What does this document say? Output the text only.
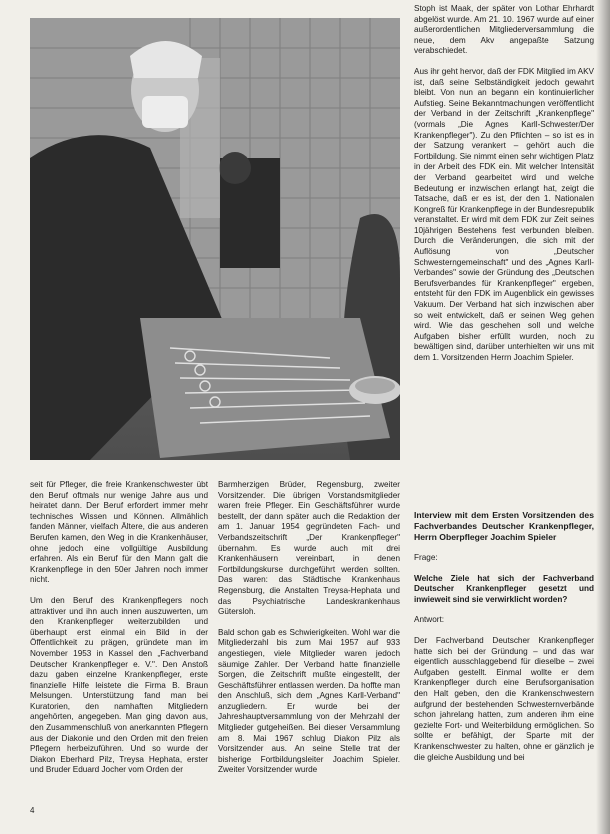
Stoph ist Maak, der später von Lothar Ehrhardt abgelöst wurde. Am 21. 10. 1967 wurde auf einer außerordentlichen Mitgliederversammlung die neue, dem Akv angepaßte Satzung verabschiedet.

Aus ihr geht hervor, daß der FDK Mitglied im AKV ist, daß seine Selbständigkeit jedoch gewahrt bleibt. Von nun an begann ein kontinuierlicher Aufstieg. Seine Bekanntmachungen veröffentlicht der Verband in der Zeitschrift „Krankenpflege" (vormals „Die Agnes Karll-Schwester/Der Krankenpfleger"). Zu den Pflichten – so ist es in der Satzung verankert – gehört auch die Fortbildung. Sie nimmt einen sehr wichtigen Platz in der Arbeit des FDK ein. Mit welcher Intensität der Verband gearbeitet wird und welche Bedeutung er inzwischen erlangt hat, zeigt die Tatsache, daß er es ist, der den 1. Nationalen Kongreß für Krankenpflege in der Bundesrepublik veranstaltet. Er wird mit dem FDK zur Zeit seines 10jährigen Bestehens fest verbunden bleiben. Durch die Veränderungen, die sich mit der Auflösung von „Deutscher Schwesterngemeinschaft" und des „Agnes Karll-Verbandes" sowie der Gründung des „Deutschen Berufsverbandes für Krankenpfleger" ergeben, entsteht für den FDK im Augenblick ein gewisses Vakuum. Der Verband hat sich inzwischen aber so weit entwickelt, daß er seinen Weg gehen wird. Wie das geschehen soll und welche Aufgaben bisher erfüllt wurden, noch zu bewältigen sind, darüber unterhielten wir uns mit dem 1. Vorsitzenden Herrn Joachim Spieler.

seit für Pfleger, die freie Krankenschwester übt den Beruf oftmals nur wenige Jahre aus und heiratet dann. Der Beruf erfordert immer mehr technisches Wissen und Können. Allmählich fanden Männer, vielfach Ältere, die aus anderen Berufen kamen, den Weg in die Krankenhäuser, ohne jedoch eine vollgültige Ausbildung erfahren. Als ein Beruf für den Mann galt die Krankenpflege in den 50er Jahren noch immer nicht.

Um den Beruf des Krankenpflegers noch attraktiver und ihn auch innen auszuwerten, um den Krankenpfleger weiterzubilden und überhaupt erst einmal ein Bild in der Öffentlichkeit zu prägen, gründete man im November 1953 in Kassel den „Fachverband Deutscher Krankenpfleger e. V.". Den Anstoß dazu gaben einzelne Krankenpfleger, erste finanzielle Hilfe leistete die Firma B. Braun Melsungen. Unterstützung fand man bei Kuratorien, den namhaften Mitgliedern angehörten, angegeben. Man ging davon aus, den Zusammenschluß von anerkannten Pflegern aus der Diakonie und den Orden mit den freien Pflegern herbeizuführen. Und so wurde der Diakon Eberhard Pilz, Treysa Hephata, erster und Bruder Eduard Jocher vom Orden der

Barmherzigen Brüder, Regensburg, zweiter Vorsitzender. Die übrigen Vorstandsmitglieder waren freie Pfleger. Ein Geschäftsführer wurde bestellt, der dann später auch die Redaktion der am 1. Januar 1954 gegründeten Fach- und Verbandszeitschrift „Der Krankenpfleger" übernahm. Es wurde auch mit drei Krankenhäusern vereinbart, in denen Fortbildungskurse durchgeführt werden sollten. Das waren: das Städtische Krankenhaus Regensburg, die Anstalten Treysa-Hephata und das Psychiatrische Landeskrankenhaus Gütersloh.

Bald schon gab es Schwierigkeiten. Wohl war die Mitgliederzahl bis zum Mai 1957 auf 933 angestiegen, viele Mitglieder waren jedoch säumige Zahler. Der Verband hatte finanzielle Sorgen, die Zeitschrift mußte eingestellt, der Geschäftsführer entlassen werden. Da hoffte man den Anschluß, sich dem „Agnes Karll-Verband" anzugliedern. Er wurde bei der Jahreshauptversammlung von der Mehrzahl der Mitglieder gutgeheißen. Bei dieser Versammlung am 8. Mai 1967 schlug Diakon Pilz als Vorsitzender aus. An seine Stelle trat der bisherige Fortbildungsleiter Joachim Spieler. Zweiter Vorsitzender wurde

Interview mit dem Ersten Vorsitzenden des Fachverbandes Deutscher Krankenpfleger, Herrn Oberpfleger Joachim Spieler

Frage:

Welche Ziele hat sich der Fachverband Deutscher Krankenpfleger gesetzt und inwieweit sind sie verwirklicht worden?

Antwort:

Der Fachverband Deutscher Krankenpfleger hatte sich bei der Gründung – und das war eigentlich ausschlaggebend für dieselbe – zwei Aufgaben gestellt. Einmal wollte er dem Krankenpfleger durch eine Berufsorganisation den Halt geben, den die Krankenschwestern aufgrund der bestehenden Schwesternverbände schon jahrelang hatten, zum anderen ihm eine gezielte Fort- und Weiterbildung ermöglichen. So sollte er befähigt, der Sparte mit der Krankenschwester zu halten, ohne er gänzlich je die gleiche Ausbildung und bei

4
